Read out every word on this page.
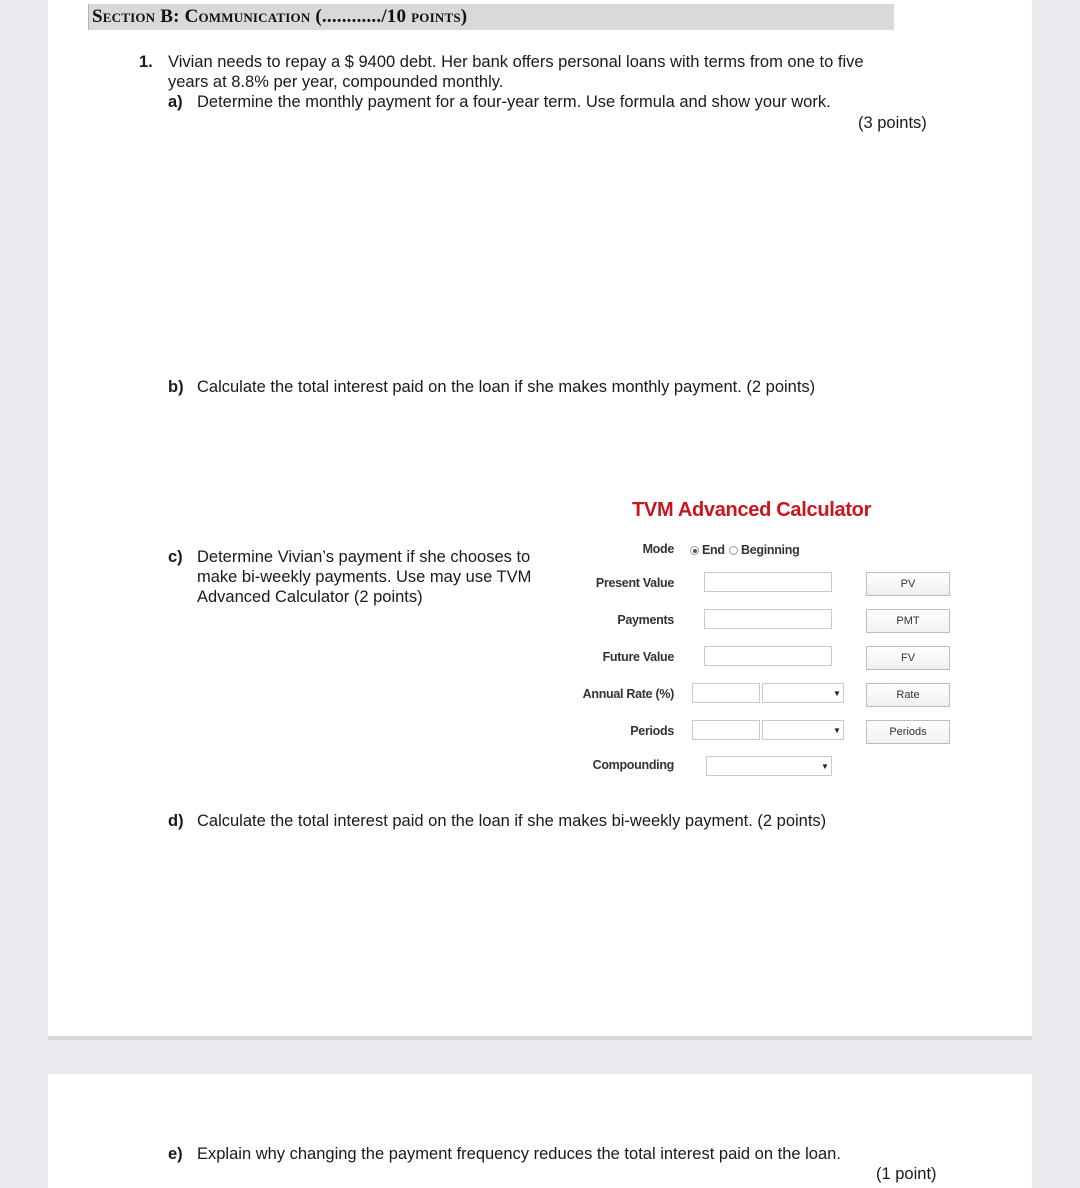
Section B: Communication (............/10 points)
1. Vivian needs to repay a $ 9400 debt. Her bank offers personal loans with terms from one to five
years at 8.8% per year, compounded monthly.
a) Determine the monthly payment for a four-year term. Use formula and show your work.
(3 points)
b) Calculate the total interest paid on the loan if she makes monthly payment. (2 points)
c) Determine Vivian’s payment if she chooses to
make bi-weekly payments. Use may use TVM
Advanced Calculator (2 points)
TVM Advanced Calculator
Mode End Beginning
Present Value	PV
Payments	PMT
Future Value	FV
Annual Rate (%)	▼	Rate
Periods	▼	Periods
Compounding	▼
d) Calculate the total interest paid on the loan if she makes bi-weekly payment. (2 points)
e) Explain why changing the payment frequency reduces the total interest paid on the loan.
(1 point)
